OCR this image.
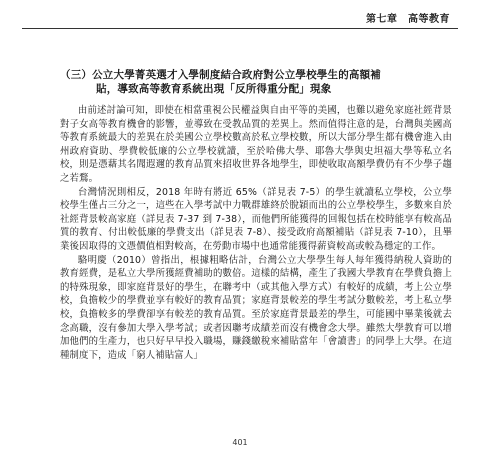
第七章　高等教育
（三）公立大學菁英選才入學制度結合政府對公立學校學生的高額補
貼，導致高等教育系統出現「反所得重分配」現象

由前述討論可知，即使在相當重視公民權益與自由平等的美國，也難以避免家庭社經背景對子女高等教育機會的影響，並導致在受教品質的差異上。然而值得注意的是，台灣與美國高等教育系統最大的差異在於美國公立學校數高於私立學校數，所以大部分學生都有機會進入由州政府資助、學費較低廉的公立學校就讀，至於哈佛大學、耶魯大學與史坦福大學等私立名校，則是憑藉其名聞遐邇的教育品質來招收世界各地學生，即使收取高額學費仍有不少學子趨之若鶩。

台灣情況則相反，2018 年時有將近 65%（詳見表 7-5）的學生就讀私立學校，公立學校學生僅占三分之一，這些在入學考試中力戰群雄終於脫穎而出的公立學校學生，多數來自於社經背景較高家庭（詳見表 7-37 到 7-38），而他們所能獲得的回報包括在校時能享有較高品質的教育、付出較低廉的學費支出（詳見表 7-8）、接受政府高額補貼（詳見表 7-10），且畢業後因取得的文憑價值相對較高，在勞動市場中也通常能獲得薪資較高或較為穩定的工作。

駱明慶（2010）曾指出，根據粗略估計，台灣公立大學學生每人每年獲得納稅人資助的教育經費，是私立大學所獲經費補助的數倍。這樣的結構，產生了我國大學教育在學費負擔上的特殊現象，即家庭背景好的學生，在聯考中（或其他入學方式）有較好的成績，考上公立學校，負擔較少的學費並享有較好的教育品質；家庭背景較差的學生考試分數較差，考上私立學校，負擔較多的學費卻享有較差的教育品質。至於家庭背景最差的學生，可能國中畢業後就去念高職，沒有參加大學入學考試；或者因聯考成績差而沒有機會念大學。雖然大學教育可以增加他們的生產力，也只好早早投入職場，賺錢繳稅來補貼當年「會讀書」的同學上大學。在這種制度下，造成「窮人補貼富人」

401
